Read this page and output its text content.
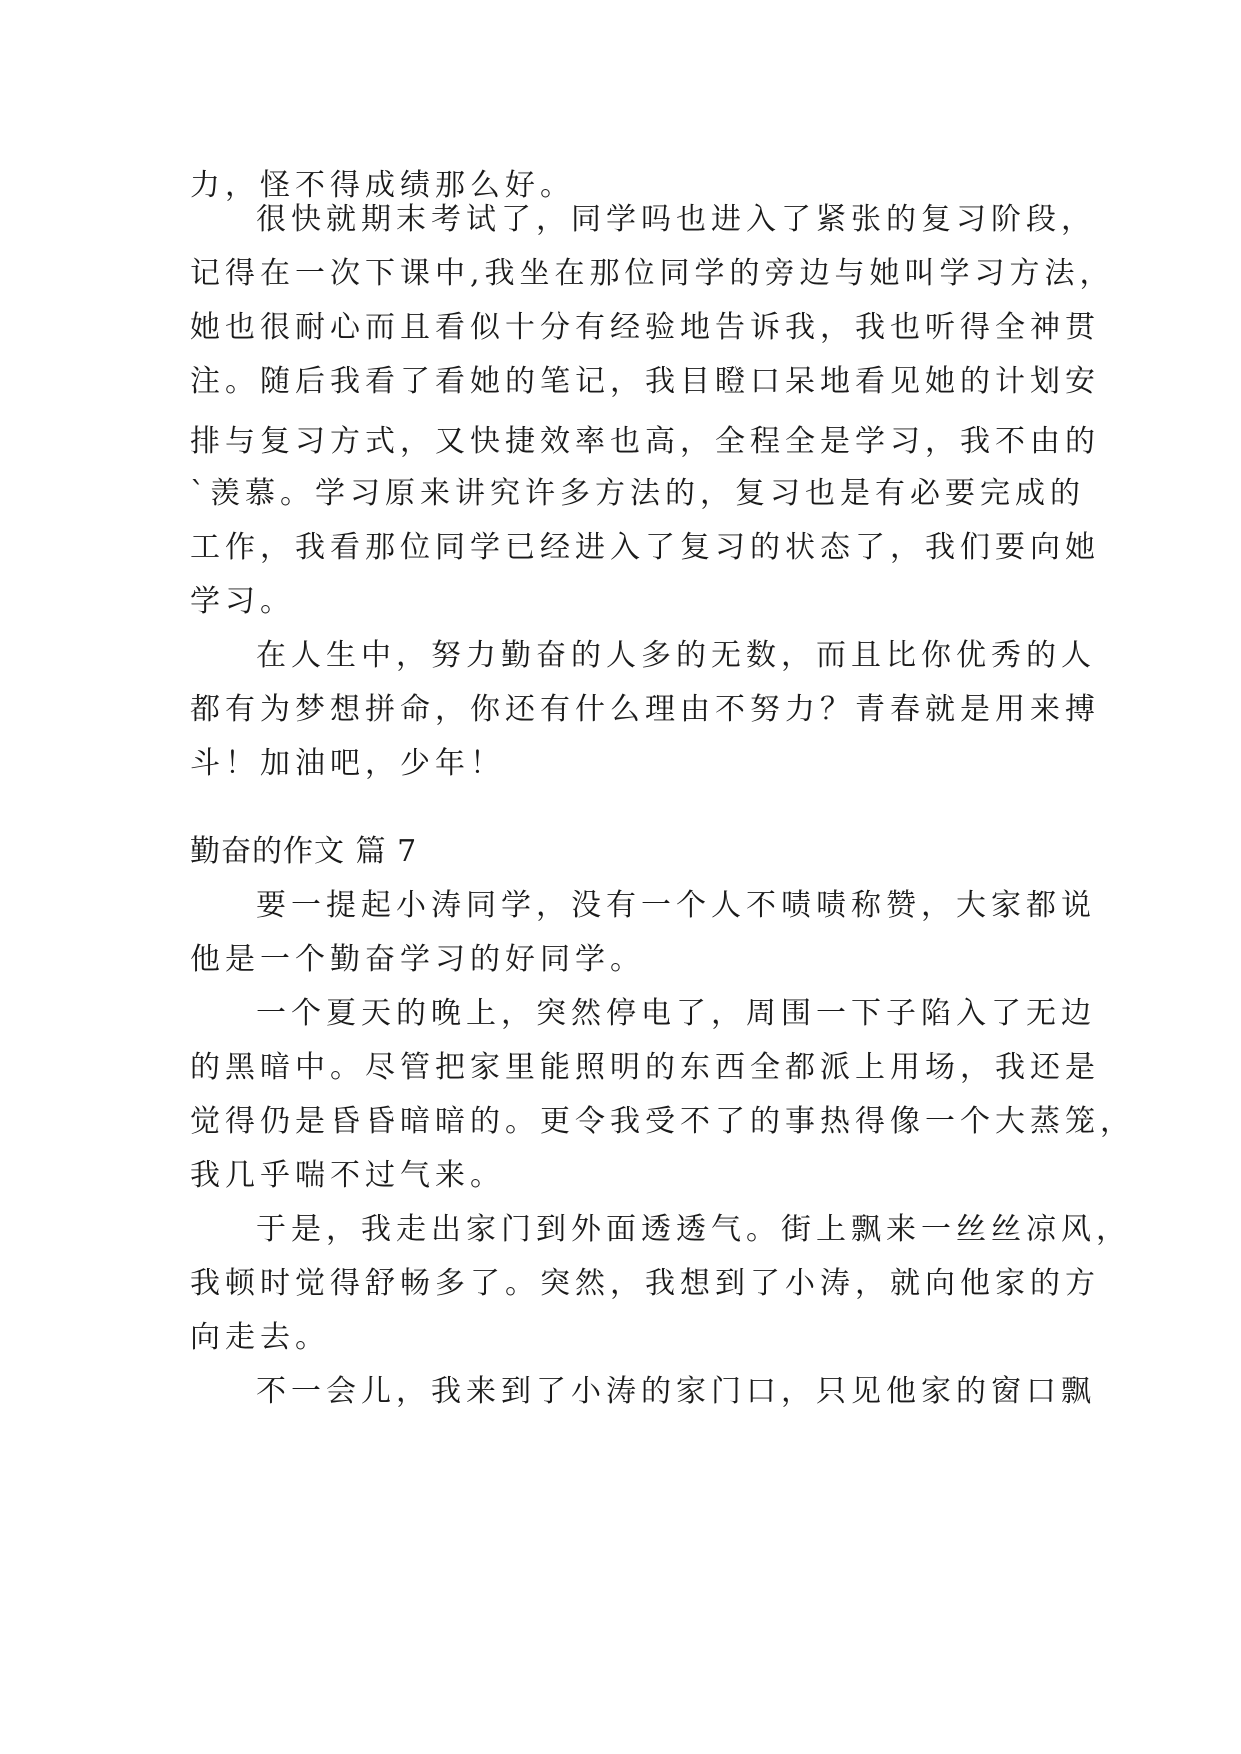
力，怪不得成绩那么好。
很快就期末考试了，同学吗也进入了紧张的复习阶段，
记得在一次下课中,我坐在那位同学的旁边与她叫学习方法，
她也很耐心而且看似十分有经验地告诉我，我也听得全神贯
注。随后我看了看她的笔记，我目瞪口呆地看见她的计划安
排与复习方式，又快捷效率也高，全程全是学习，我不由的
`羡慕。学习原来讲究许多方法的，复习也是有必要完成的
工作，我看那位同学已经进入了复习的状态了，我们要向她
学习。
在人生中，努力勤奋的人多的无数，而且比你优秀的人
都有为梦想拼命，你还有什么理由不努力？青春就是用来搏
斗！加油吧，少年！
勤奋的作文 篇 7
要一提起小涛同学，没有一个人不啧啧称赞，大家都说
他是一个勤奋学习的好同学。
一个夏天的晚上，突然停电了，周围一下子陷入了无边
的黑暗中。尽管把家里能照明的东西全都派上用场，我还是
觉得仍是昏昏暗暗的。更令我受不了的事热得像一个大蒸笼，
我几乎喘不过气来。
于是，我走出家门到外面透透气。街上飘来一丝丝凉风，
我顿时觉得舒畅多了。突然，我想到了小涛，就向他家的方
向走去。
不一会儿，我来到了小涛的家门口，只见他家的窗口飘
